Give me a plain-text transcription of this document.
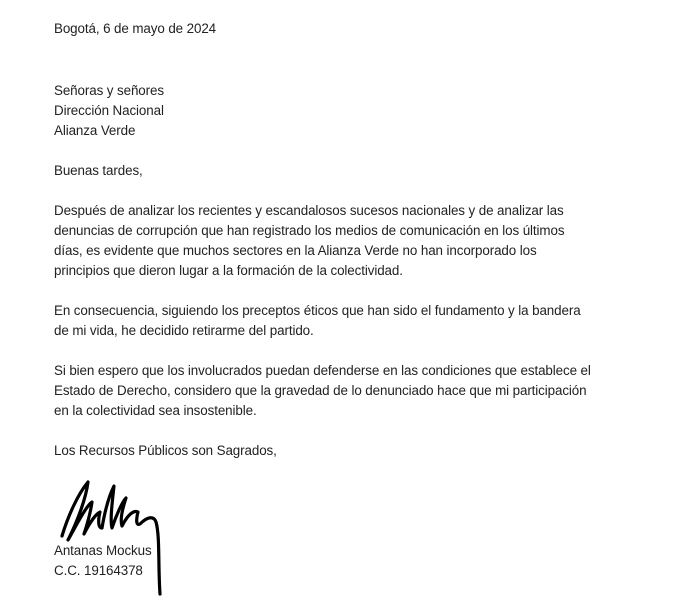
Bogotá, 6 de mayo de 2024
Señoras y señores
Dirección Nacional
Alianza Verde
Buenas tardes,
Después de analizar los recientes y escandalosos sucesos nacionales y de analizar las
denuncias de corrupción que han registrado los medios de comunicación en los últimos
días, es evidente que muchos sectores en la Alianza Verde no han incorporado los
principios que dieron lugar a la formación de la colectividad.
En consecuencia, siguiendo los preceptos éticos que han sido el fundamento y la bandera
de mi vida, he decidido retirarme del partido.
Si bien espero que los involucrados puedan defenderse en las condiciones que establece el
Estado de Derecho, considero que la gravedad de lo denunciado hace que mi participación
en la colectividad sea insostenible.
Los Recursos Públicos son Sagrados,
Antanas Mockus
C.C. 19164378
